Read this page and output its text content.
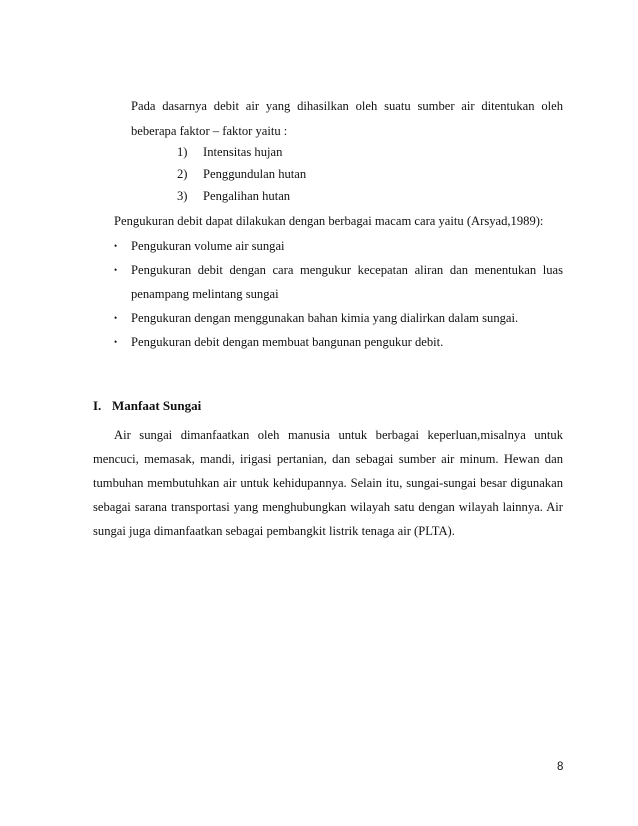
Pada dasarnya debit air yang dihasilkan oleh suatu sumber air ditentukan oleh
beberapa faktor – faktor yaitu :
1) Intensitas hujan
2) Penggundulan hutan
3) Pengalihan hutan
Pengukuran debit dapat dilakukan dengan berbagai macam cara yaitu (Arsyad,1989):
• Pengukuran volume air sungai
• Pengukuran debit dengan cara mengukur kecepatan aliran dan menentukan luas
penampang melintang sungai
• Pengukuran dengan menggunakan bahan kimia yang dialirkan dalam sungai.
• Pengukuran debit dengan membuat bangunan pengukur debit.
I. Manfaat Sungai
Air sungai dimanfaatkan oleh manusia untuk berbagai keperluan,misalnya untuk
mencuci, memasak, mandi, irigasi pertanian, dan sebagai sumber air minum. Hewan dan
tumbuhan membutuhkan air untuk kehidupannya. Selain itu, sungai-sungai besar digunakan
sebagai sarana transportasi yang menghubungkan wilayah satu dengan wilayah lainnya. Air
sungai juga dimanfaatkan sebagai pembangkit listrik tenaga air (PLTA).
8
